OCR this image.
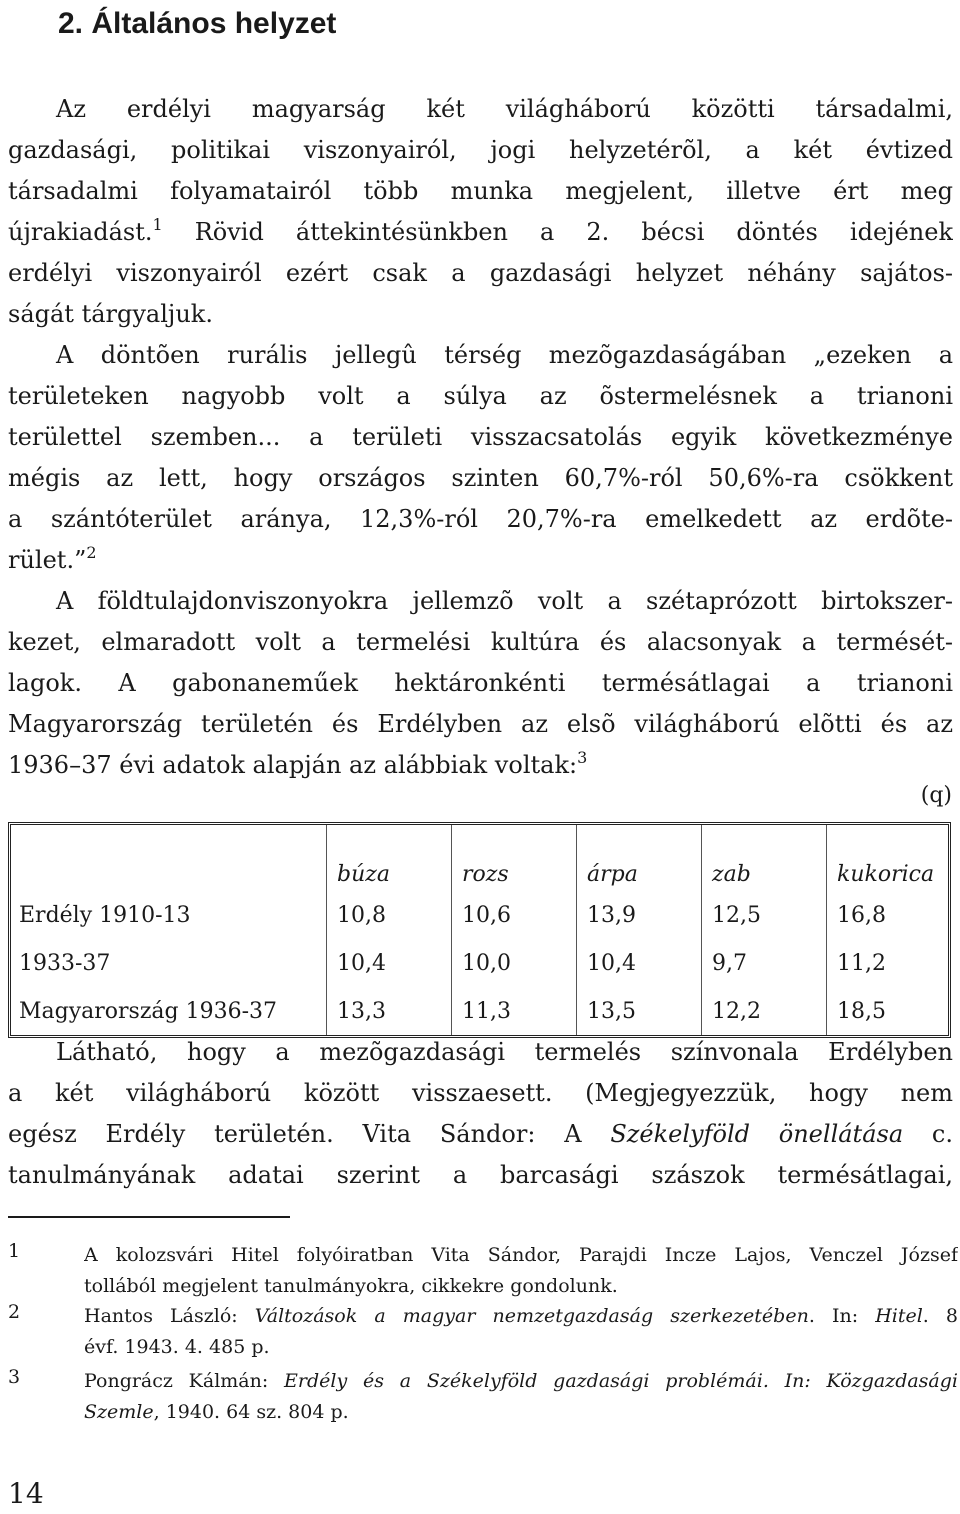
2. Általános helyzet
Az erdélyi magyarság két világháború közötti társadalmi,
gazdasági, politikai viszonyairól, jogi helyzetérõl, a két évtized
társadalmi folyamatairól több munka megjelent, illetve ért meg
újrakiadást.$^1$ Rövid áttekintésünkben a 2. bécsi döntés idejének
erdélyi viszonyairól ezért csak a gazdasági helyzet néhány sajátos-
ságát tárgyaljuk.
A döntõen rurális jellegû térség mezõgazdaságában „ezeken a
területeken nagyobb volt a súlya az õstermelésnek a trianoni
területtel szemben... a területi visszacsatolás egyik következménye
mégis az lett, hogy országos szinten 60,7%-ról 50,6%-ra csökkent
a szántóterület aránya, 12,3%-ról 20,7%-ra emelkedett az erdõte-
rület.”$^2$
A földtulajdonviszonyokra jellemzõ volt a szétaprózott birtokszer-
kezet, elmaradott volt a termelési kultúra és alacsonyak a termését-
lagok. A gabonaneműek hektáronkénti termésátlagai a trianoni
Magyarország területén és Erdélyben az elsõ világháború elõtti és az
1936–37 évi adatok alapján az alábbiak voltak:$^3$
(q)
	búza	rozs	árpa	zab	kukorica
Erdély 1910-13	10,8	10,6	13,9	12,5	16,8
1933-37	10,4	10,0	10,4	9,7	11,2
Magyarország 1936-37	13,3	11,3	13,5	12,2	18,5
Látható, hogy a mezõgazdasági termelés színvonala Erdélyben
a két világháború között visszaesett. (Megjegyezzük, hogy nem
egész Erdély területén. Vita Sándor: A Székelyföld önellátása c.
tanulmányának adatai szerint a barcasági szászok termésátlagai,
1	A kolozsvári Hitel folyóiratban Vita Sándor, Parajdi Incze Lajos, Venczel József
tollából megjelent tanulmányokra, cikkekre gondolunk.
2	Hantos László: Változások a magyar nemzetgazdaság szerkezetében. In: Hitel. 8
évf. 1943. 4. 485 p.
3	Pongrácz Kálmán: Erdély és a Székelyföld gazdasági problémái. In: Közgazdasági
Szemle, 1940. 64 sz. 804 p.
14
